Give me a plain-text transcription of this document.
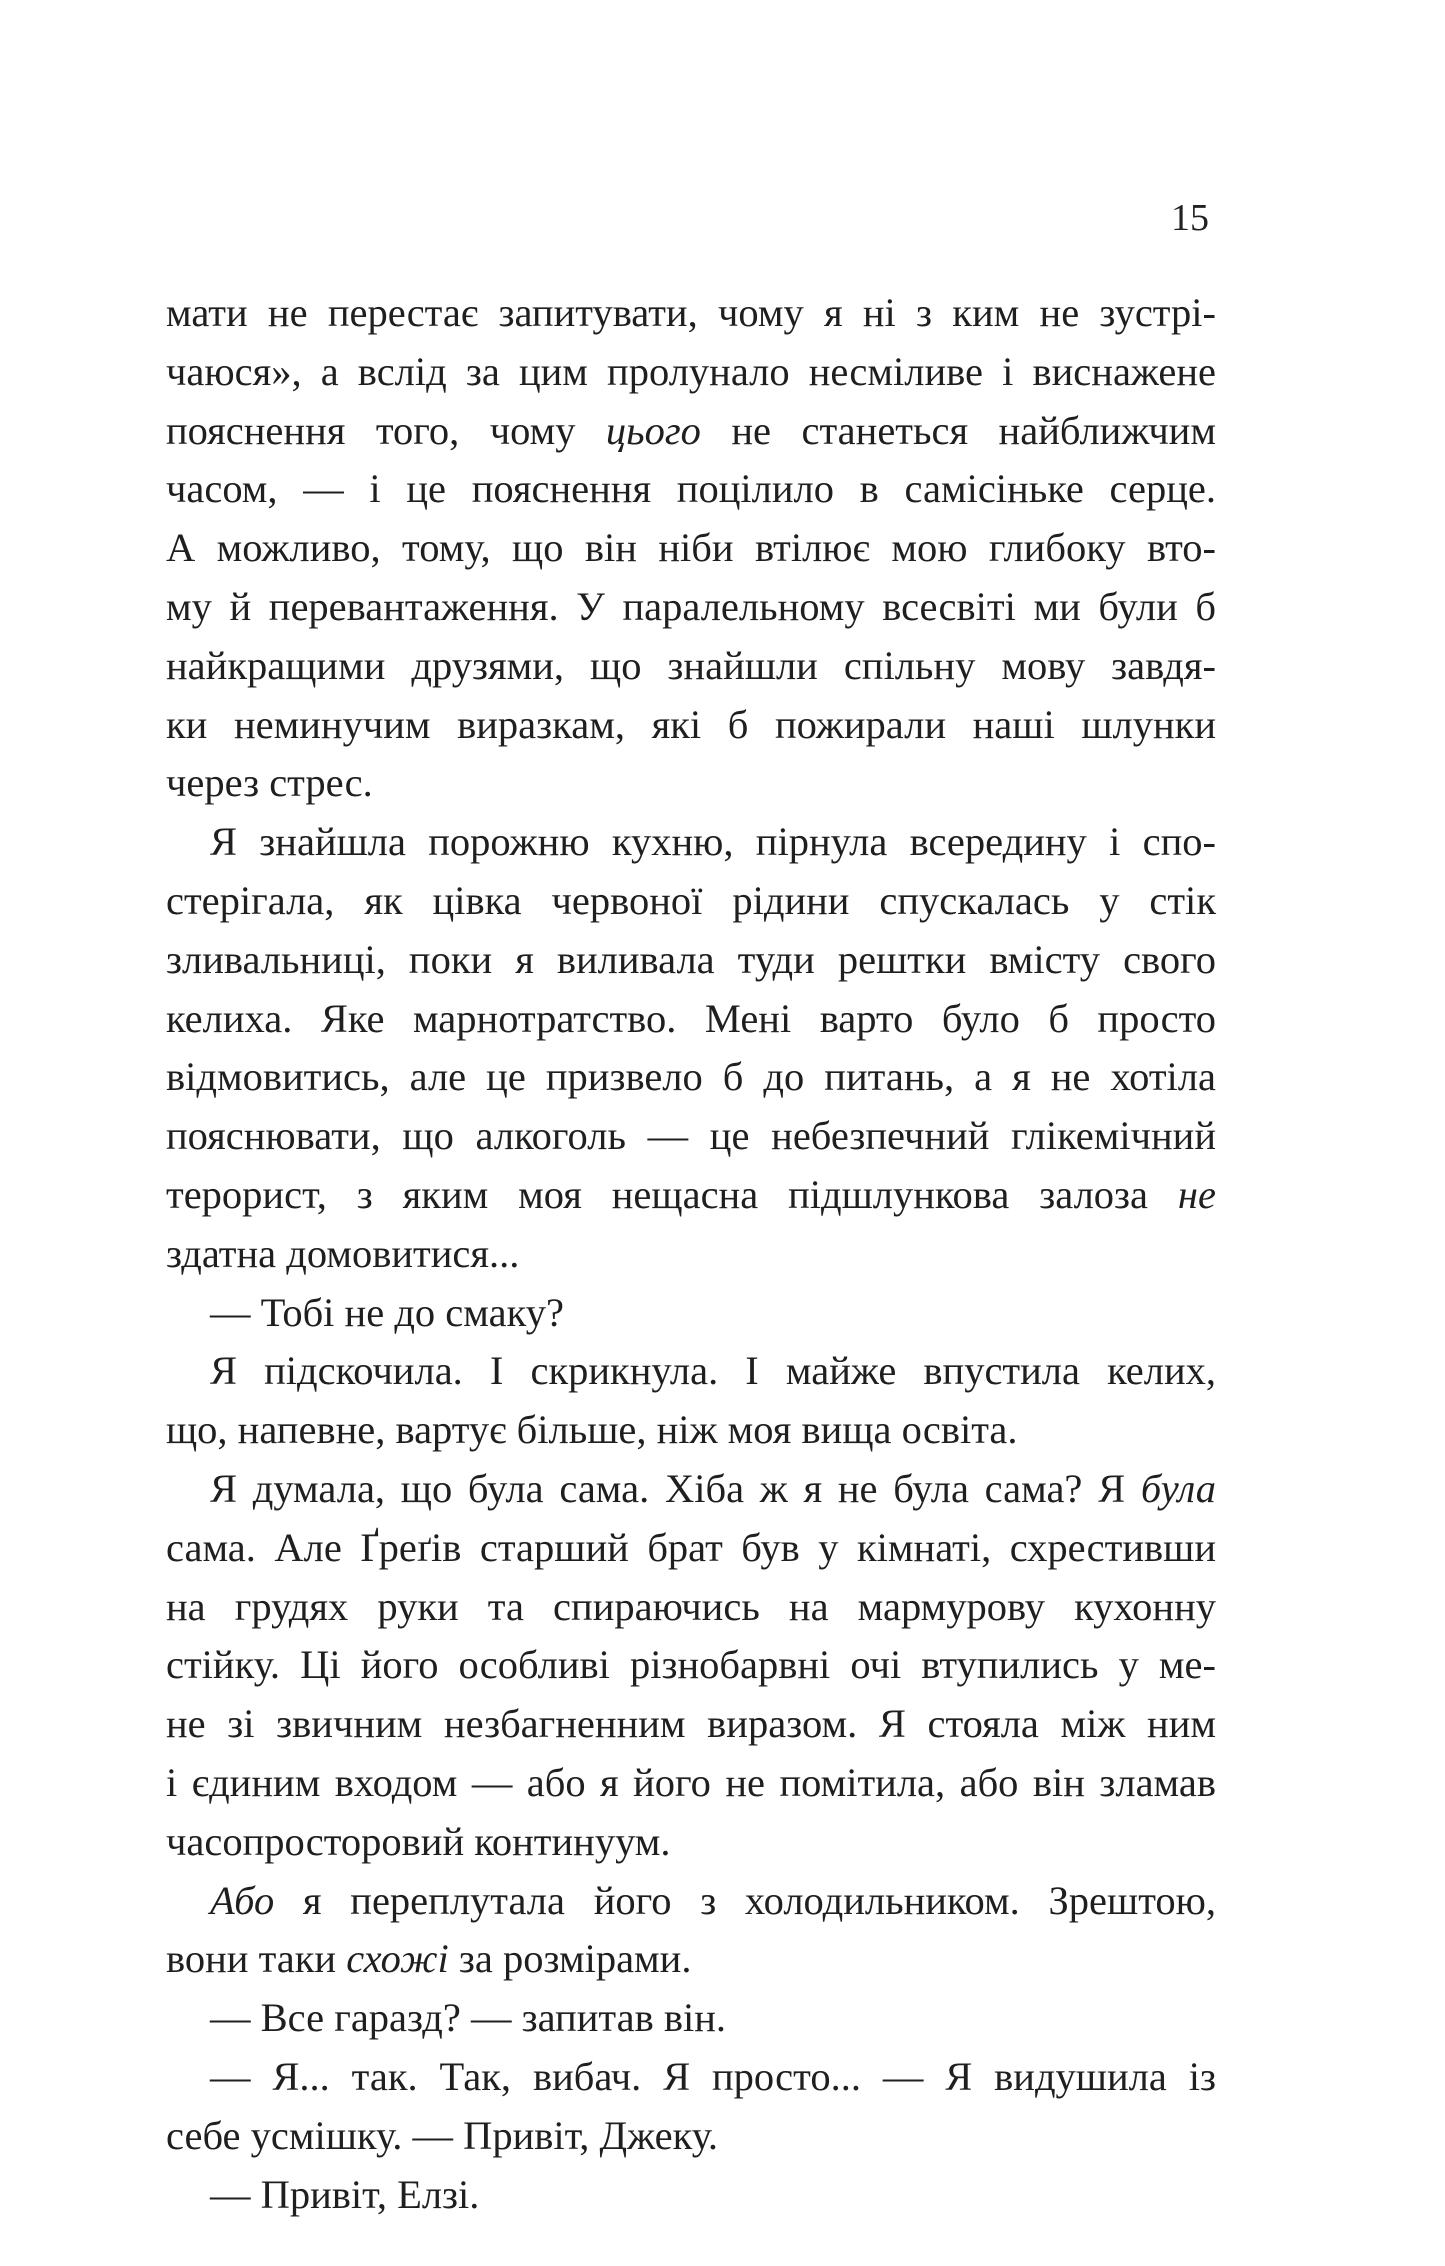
15
мати не перестає запитувати, чому я ні з ким не зустрі-
чаюся», а вслід за цим пролунало несміливе і виснажене
пояснення того, чому цього не станеться найближчим
часом, — і це пояснення поцілило в самісіньке серце.
А можливо, тому, що він ніби втілює мою глибоку вто-
му й перевантаження. У паралельному всесвіті ми були б
найкращими друзями, що знайшли спільну мову завдя-
ки неминучим виразкам, які б пожирали наші шлунки
через стрес.
Я знайшла порожню кухню, пірнула всередину і спо-
стерігала, як цівка червоної рідини спускалась у стік
зливальниці, поки я виливала туди рештки вмісту свого
келиха. Яке марнотратство. Мені варто було б просто
відмовитись, але це призвело б до питань, а я не хотіла
пояснювати, що алкоголь — це небезпечний глікемічний
терорист, з яким моя нещасна підшлункова залоза не
здатна домовитися...
— Тобі не до смаку?
Я підскочила. І скрикнула. І майже впустила келих,
що, напевне, вартує більше, ніж моя вища освіта.
Я думала, що була сама. Хіба ж я не була сама? Я була
сама. Але Ґреґів старший брат був у кімнаті, схрестивши
на грудях руки та спираючись на мармурову кухонну
стійку. Ці його особливі різнобарвні очі втупились у ме-
не зі звичним незбагненним виразом. Я стояла між ним
і єдиним входом — або я його не помітила, або він зламав
часопросторовий континуум.
Або я переплутала його з холодильником. Зрештою,
вони таки схожі за розмірами.
— Все гаразд? — запитав він.
— Я... так. Так, вибач. Я просто... — Я видушила із
себе усмішку. — Привіт, Джеку.
— Привіт, Елзі.
